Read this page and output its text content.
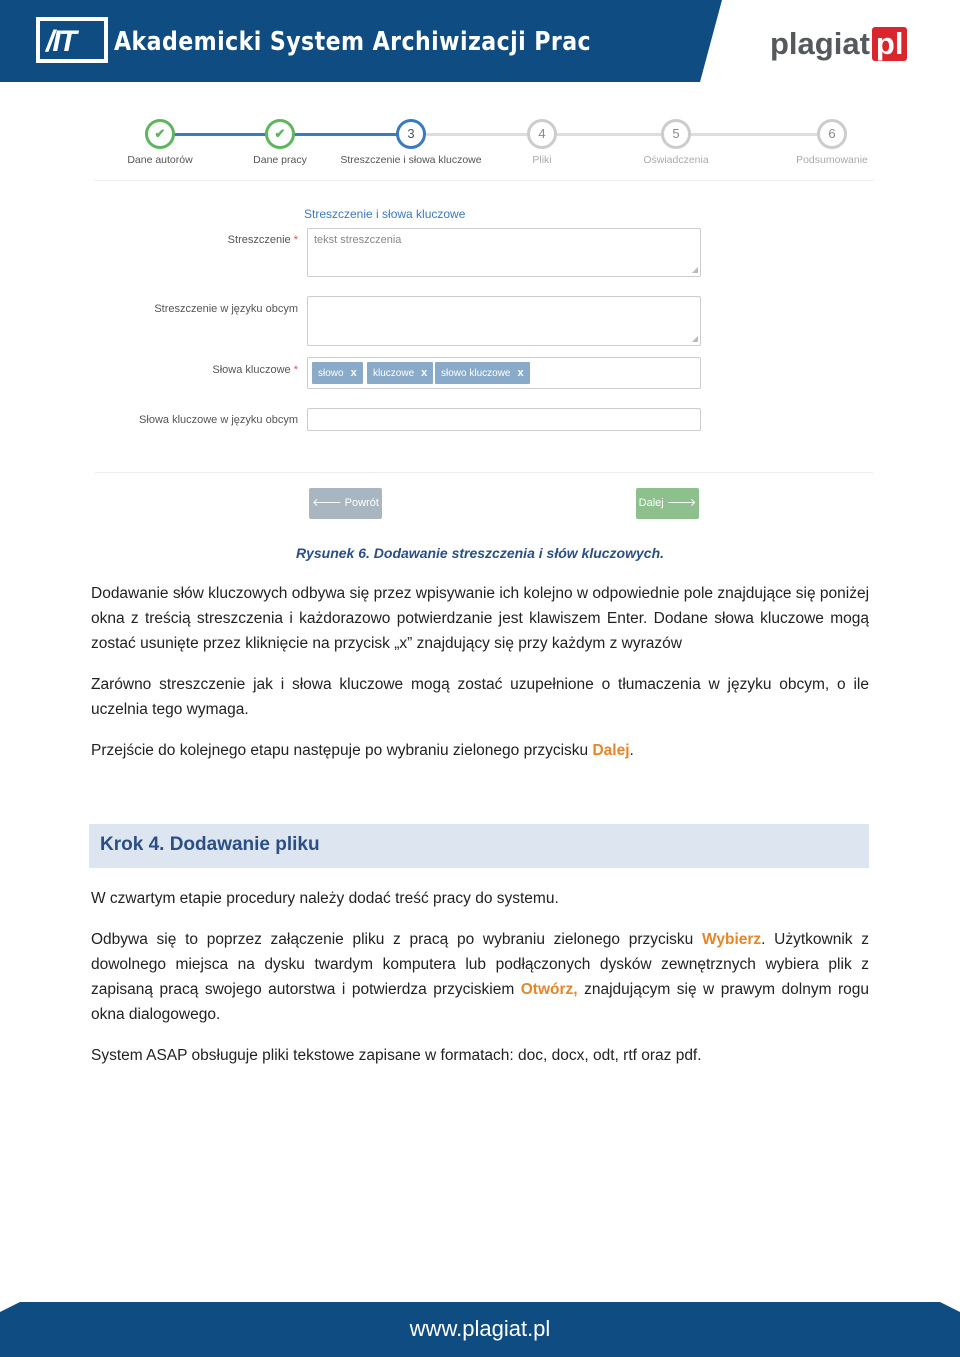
/IT Akademicki System Archiwizacji Prac	plagiat pl
✔
Dane autorów
✔
Dane pracy
3
Streszczenie i słowa kluczowe
4
Pliki
5
Oświadczenia
6
Podsumowanie
Streszczenie i słowa kluczowe
Streszczenie *	tekst streszczenia
◢
Streszczenie w języku obcym
◢
Słowa kluczowe *	słowo x	kluczowe x	słowo kluczowe x
Słowa kluczowe w języku obcym
🡐 Powrót	Dalej 🡒
Rysunek 6. Dodawanie streszczenia i słów kluczowych.

Dodawanie słów kluczowych odbywa się przez wpisywanie ich kolejno w odpowiednie pole znajdujące się poniżej okna z treścią streszczenia i każdorazowo potwierdzanie jest klawiszem Enter. Dodane słowa kluczowe mogą zostać usunięte przez kliknięcie na przycisk „x” znajdujący się przy każdym z wyrazów

Zarówno streszczenie jak i słowa kluczowe mogą zostać uzupełnione o tłumaczenia w języku obcym, o ile uczelnia tego wymaga.

Przejście do kolejnego etapu następuje po wybraniu zielonego przycisku Dalej.

Krok 4. Dodawanie pliku

W czwartym etapie procedury należy dodać treść pracy do systemu.

Odbywa się to poprzez załączenie pliku z pracą po wybraniu zielonego przycisku Wybierz. Użytkownik z dowolnego miejsca na dysku twardym komputera lub podłączonych dysków zewnętrznych wybiera plik z zapisaną pracą swojego autorstwa i potwierdza przyciskiem Otwórz, znajdującym się w prawym dolnym rogu okna dialogowego.

System ASAP obsługuje pliki tekstowe zapisane w formatach: doc, docx, odt, rtf oraz pdf.

www.plagiat.pl
